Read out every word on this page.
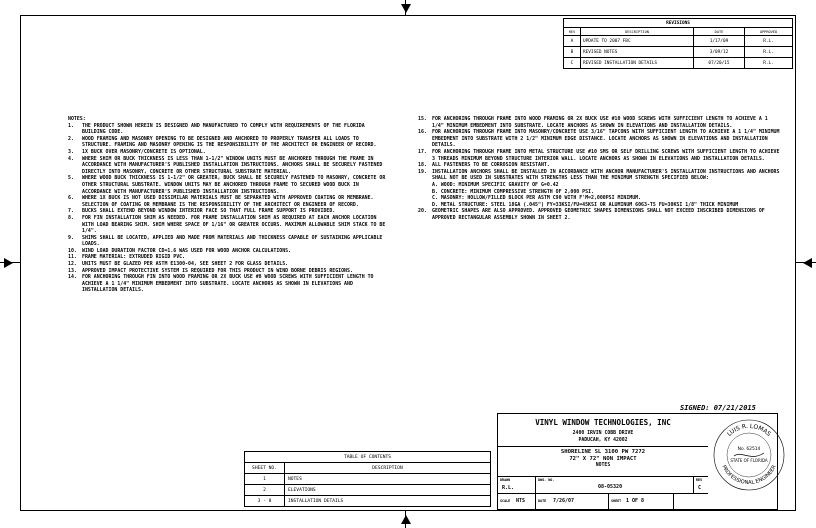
REVISIONS			
REV	DESCRIPTION	DATE	APPROVED
A	UPDATE TO 2007 FBC	1/17/09	R.L.
B	REVISED NOTES	3/09/12	R.L.
C	REVISED INSTALLATION DETAILS	07/20/15	R.L.

NOTES:

1.	THE PRODUCT SHOWN HEREIN IS DESIGNED AND MANUFACTURED TO COMPLY WITH REQUIREMENTS OF THE FLORIDA BUILDING CODE.
2.	WOOD FRAMING AND MASONRY OPENING TO BE DESIGNED AND ANCHORED TO PROPERLY TRANSFER ALL LOADS TO STRUCTURE. FRAMING AND MASONRY OPENING IS THE RESPONSIBILITY OF THE ARCHITECT OR ENGINEER OF RECORD.
3.	1X BUCK OVER MASONRY/CONCRETE IS OPTIONAL.
4.	WHERE SHIM OR BUCK THICKNESS IS LESS THAN 1-1/2" WINDOW UNITS MUST BE ANCHORED THROUGH THE FRAME IN ACCORDANCE WITH MANUFACTURER'S PUBLISHED INSTALLATION INSTRUCTIONS. ANCHORS SHALL BE SECURELY FASTENED DIRECTLY INTO MASONRY, CONCRETE OR OTHER STRUCTURAL SUBSTRATE MATERIAL.
5.	WHERE WOOD BUCK THICKNESS IS 1-1/2" OR GREATER, BUCK SHALL BE SECURELY FASTENED TO MASONRY, CONCRETE OR OTHER STRUCTURAL SUBSTRATE. WINDOW UNITS MAY BE ANCHORED THROUGH FRAME TO SECURED WOOD BUCK IN ACCORDANCE WITH MANUFACTURER'S PUBLISHED INSTALLATION INSTRUCTIONS.
6.	WHERE 1X BUCK IS NOT USED DISSIMILAR MATERIALS MUST BE SEPARATED WITH APPROVED COATING OR MEMBRANE. SELECTION OF COATING OR MEMBRANE IS THE RESPONSIBILITY OF THE ARCHITECT OR ENGINEER OF RECORD.
7.	BUCKS SHALL EXTEND BEYOND WINDOW INTERIOR FACE SO THAT FULL FRAME SUPPORT IS PROVIDED.
8.	FOR FIN INSTALLATION SHIM AS NEEDED. FOR FRAME INSTALLATION SHIM AS REQUIRED AT EACH ANCHOR LOCATION WITH LOAD BEARING SHIM. SHIM WHERE SPACE OF 1/16" OR GREATER OCCURS. MAXIMUM ALLOWABLE SHIM STACK TO BE 1/4".
9.	SHIMS SHALL BE LOCATED, APPLIED AND MADE FROM MATERIALS AND THICKNESS CAPABLE OF SUSTAINING APPLICABLE LOADS.
10.	WIND LOAD DURATION FACTOR CD=1.6 WAS USED FOR WOOD ANCHOR CALCULATIONS.
11.	FRAME MATERIAL: EXTRUDED RIGID PVC.
12.	UNITS MUST BE GLAZED PER ASTM E1300-04, SEE SHEET 2 FOR GLASS DETAILS.
13.	APPROVED IMPACT PROTECTIVE SYSTEM IS REQUIRED FOR THIS PRODUCT IN WIND BORNE DEBRIS REGIONS.
14.	FOR ANCHORING THROUGH FIN INTO WOOD FRAMING OR 2X BUCK USE #8 WOOD SCREWS WITH SUFFICIENT LENGTH TO ACHIEVE A 1 1/4" MINIMUM EMBEDMENT INTO SUBSTRATE. LOCATE ANCHORS AS SHOWN IN ELEVATIONS AND INSTALLATION DETAILS.
15.	FOR ANCHORING THROUGH FRAME INTO WOOD FRAMING OR 2X BUCK USE #10 WOOD SCREWS WITH SUFFICIENT LENGTH TO ACHIEVE A 1 1/4" MINIMUM EMBEDMENT INTO SUBSTRATE. LOCATE ANCHORS AS SHOWN IN ELEVATIONS AND INSTALLATION DETAILS.
16.	FOR ANCHORING THROUGH FRAME INTO MASONRY/CONCRETE USE 3/16" TAPCONS WITH SUFFICIENT LENGTH TO ACHIEVE A 1 1/4" MINIMUM EMBEDMENT INTO SUBSTRATE WITH 2 1/2" MINIMUM EDGE DISTANCE. LOCATE ANCHORS AS SHOWN IN ELEVATIONS AND INSTALLATION DETAILS.
17.	FOR ANCHORING THROUGH FRAME INTO METAL STRUCTURE USE #10 SMS OR SELF DRILLING SCREWS WITH SUFFICIENT LENGTH TO ACHIEVE 3 THREADS MINIMUM BEYOND STRUCTURE INTERIOR WALL. LOCATE ANCHORS AS SHOWN IN ELEVATIONS AND INSTALLATION DETAILS.
18.	ALL FASTENERS TO BE CORROSION RESISTANT.
19.	INSTALLATION ANCHORS SHALL BE INSTALLED IN ACCORDANCE WITH ANCHOR MANUFACTURER'S INSTALLATION INSTRUCTIONS AND ANCHORS SHALL NOT BE USED IN SUBSTRATES WITH STRENGTHS LESS THAN THE MINIMUM STRENGTH SPECIFIED BELOW:
A. WOOD: MINIMUM SPECIFIC GRAVITY OF G=0.42
B. CONCRETE: MINIMUM COMPRESSIVE STRENGTH OF 2,000 PSI.
C. MASONRY: HOLLOW/FILLED BLOCK PER ASTM C90 WITH F'M=2,000PSI MINIMUM.
D. METAL STRUCTURE: STEEL 18GA (.045") FY=33KSI/FU=45KSI OR ALUMINUM 6063-T5 FU=30KSI 1/8" THICK MINIMUM
20.	GEOMETRIC SHAPES ARE ALSO APPROVED. APPROVED GEOMETRIC SHAPES DIMENSIONS SHALL NOT EXCEED INSCRIBED DIMENSIONS OF APPROVED RECTANGULAR ASSEMBLY SHOWN IN SHEET 2.
SIGNED: 07/21/2015
VINYL WINDOW TECHNOLOGIES, INC
2400 IRVIN COBB DRIVE
PADUCAH, KY 42002
SHORELINE SL 3100 PW 7272
72" X 72" NON IMPACT
NOTES
DRAWN
R.L.
DWG. NO.
08-05320
REV
C
SCALE NTS	DATE 7/26/07	SHEET 1 OF 8
LUIS R. LOMAS
PROFESSIONAL ENGINEER
No. 62514
STATE OF FLORIDA
TABLE OF CONTENTS	
SHEET NO.	DESCRIPTION
1	NOTES
2	ELEVATIONS
3 - 8	INSTALLATION DETAILS
